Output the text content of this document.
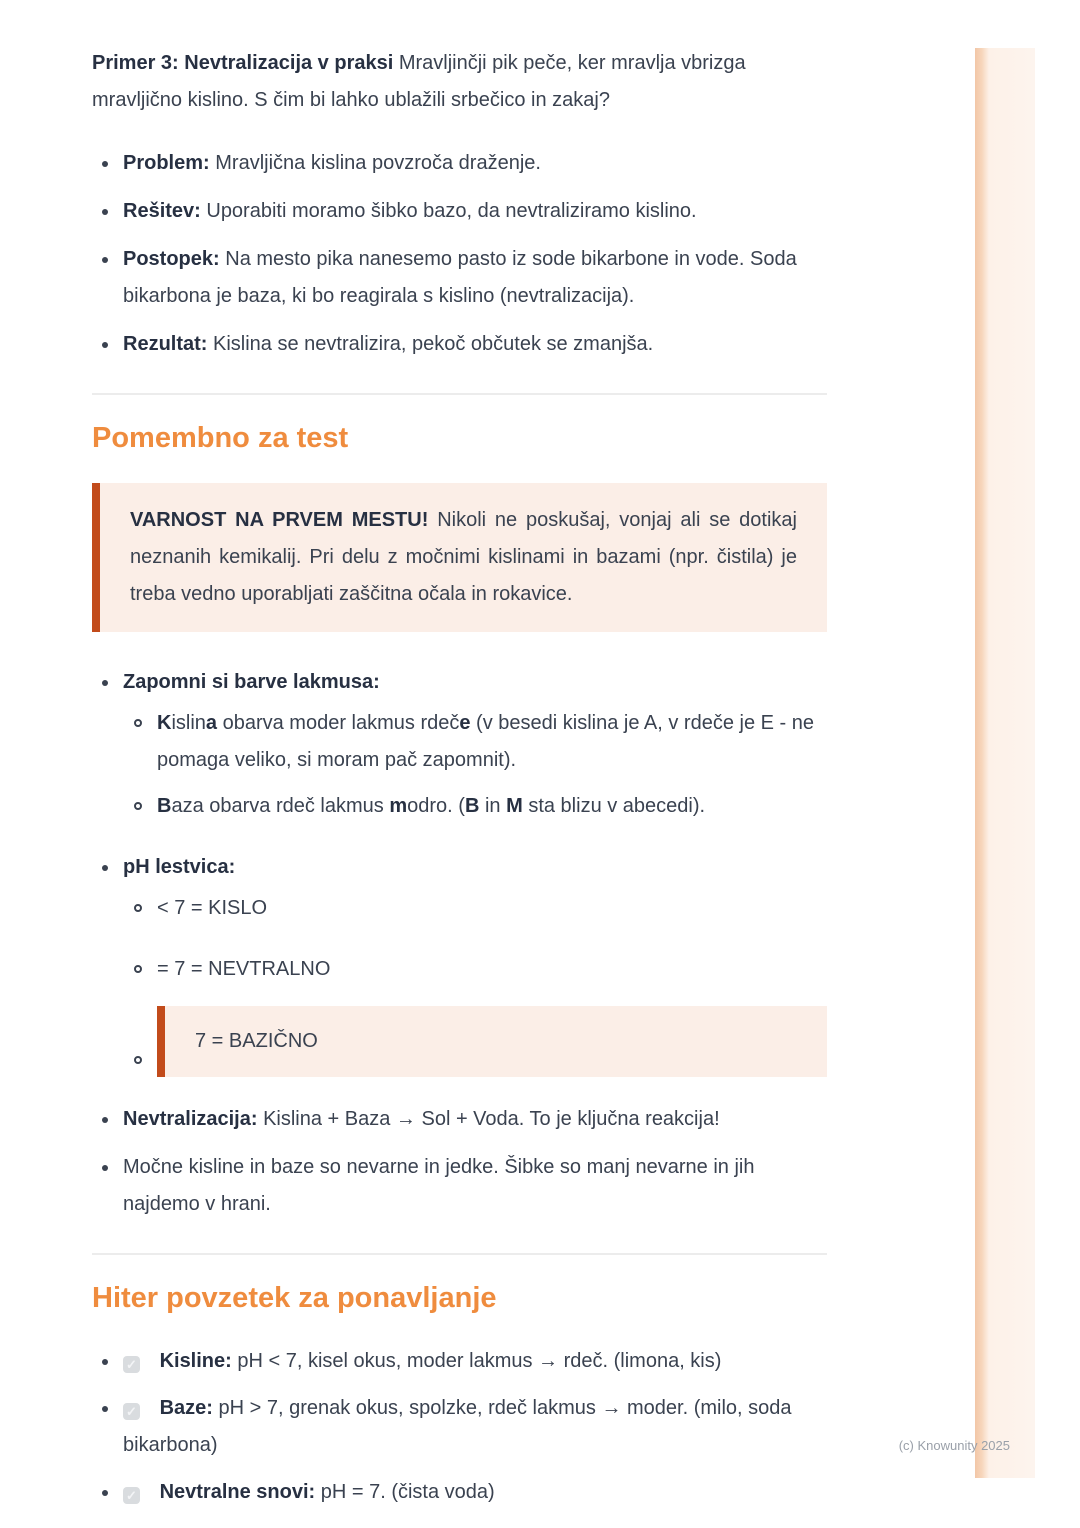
Primer 3: Nevtralizacija v praksi Mravljinčji pik peče, ker mravlja vbrizga mravljično kislino. S čim bi lahko ublažili srbečico in zakaj?

Problem: Mravljična kislina povzroča draženje.
Rešitev: Uporabiti moramo šibko bazo, da nevtraliziramo kislino.
Postopek: Na mesto pika nanesemo pasto iz sode bikarbone in vode. Soda bikarbona je baza, ki bo reagirala s kislino (nevtralizacija).
Rezultat: Kislina se nevtralizira, pekoč občutek se zmanjša.
Pomembno za test

VARNOST NA PRVEM MESTU! Nikoli ne poskušaj, vonjaj ali se dotikaj neznanih kemikalij. Pri delu z močnimi kislinami in bazami (npr. čistila) je treba vedno uporabljati zaščitna očala in rokavice.

Zapomni si barve lakmusa:
Kislina obarva moder lakmus rdeče (v besedi kislina je A, v rdeče je E - ne pomaga veliko, si moram pač zapomnit).
Baza obarva rdeč lakmus modro. (B in M sta blizu v abecedi).
pH lestvica:
< 7 = KISLO
= 7 = NEVTRALNO
7 = BAZIČNO
Nevtralizacija: Kislina + Baza → Sol + Voda. To je ključna reakcija!
Močne kisline in baze so nevarne in jedke. Šibke so manj nevarne in jih najdemo v hrani.
Hiter povzetek za ponavljanje
✓ Kisline: pH < 7, kisel okus, moder lakmus → rdeč. (limona, kis)
✓ Baze: pH > 7, grenak okus, spolzke, rdeč lakmus → moder. (milo, soda bikarbona)
✓ Nevtralne snovi: pH = 7. (čista voda)
(c) Knowunity 2025
